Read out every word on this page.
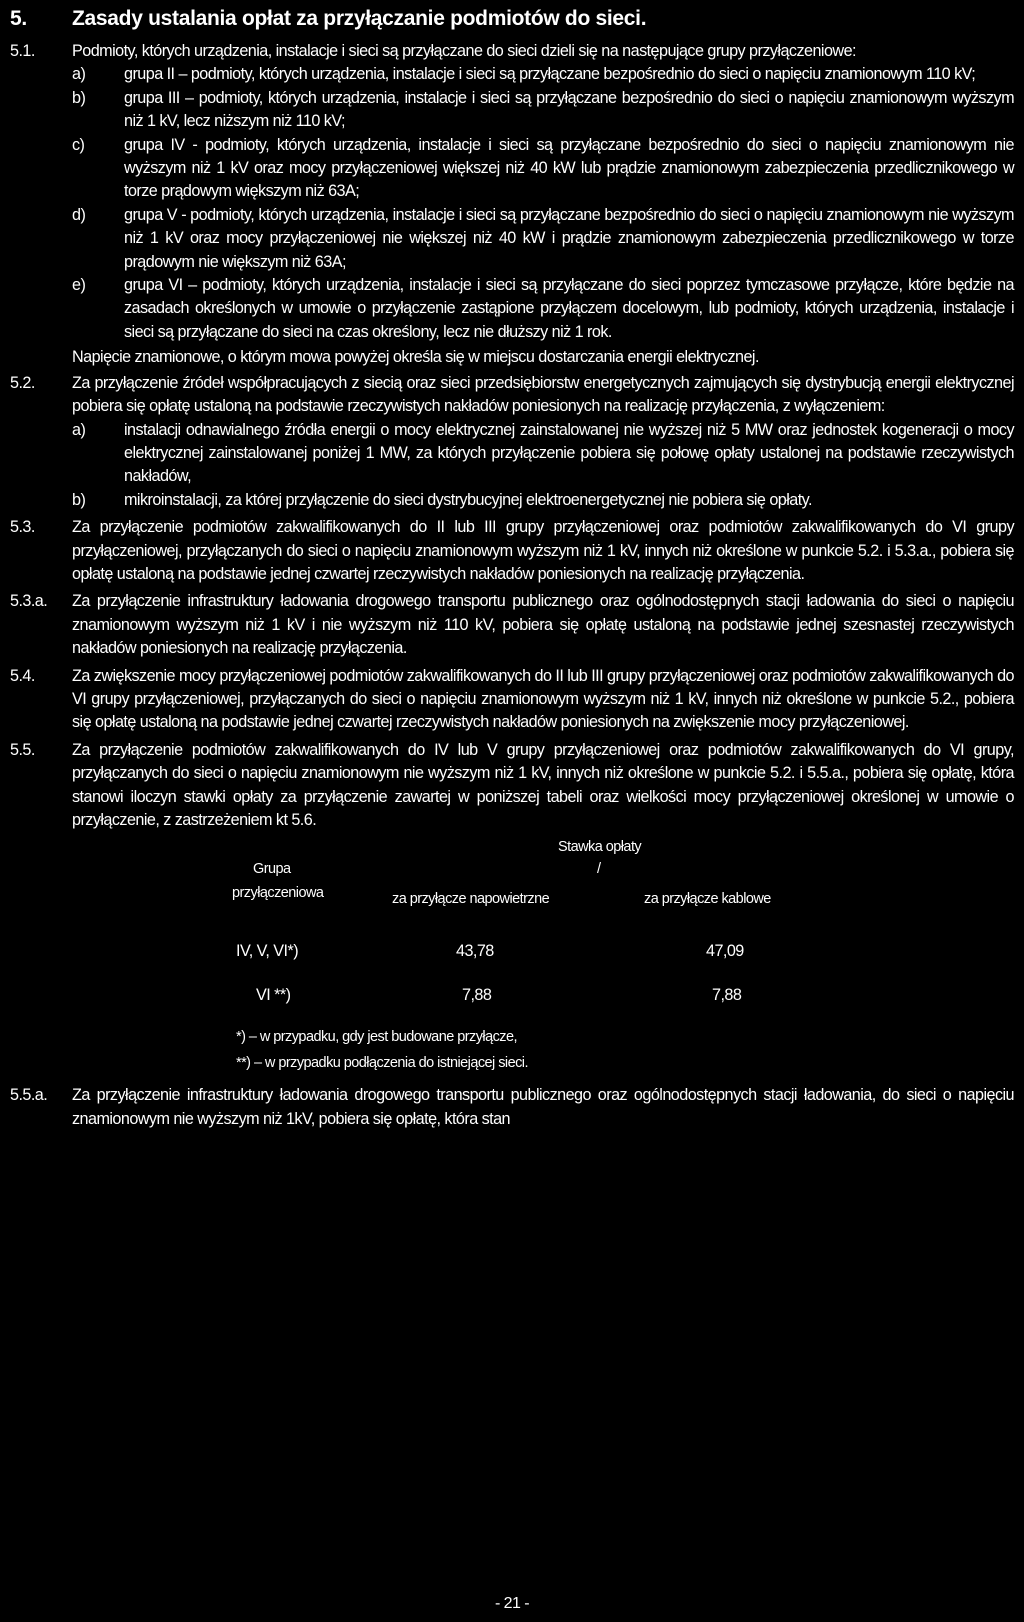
5.	Zasady ustalania opłat za przyłączanie podmiotów do sieci.
5.1.	Podmioty, których urządzenia, instalacje i sieci są przyłączane do sieci dzieli się na następujące grupy przyłączeniowe:

a)	grupa II – podmioty, których urządzenia, instalacje i sieci są przyłączane bezpośrednio do sieci o napięciu znamionowym 110 kV;
b)	grupa III – podmioty, których urządzenia, instalacje i sieci są przyłączane bezpośrednio do sieci o napięciu znamionowym wyższym niż 1 kV, lecz niższym niż 110 kV;
c)	grupa IV - podmioty, których urządzenia, instalacje i sieci są przyłączane bezpośrednio do sieci o napięciu znamionowym nie wyższym niż 1 kV oraz mocy przyłączeniowej większej niż 40 kW lub prądzie znamionowym zabezpieczenia przedlicznikowego w torze prądowym większym niż 63A;
d)	grupa V - podmioty, których urządzenia, instalacje i sieci są przyłączane bezpośrednio do sieci o napięciu znamionowym nie wyższym niż 1 kV oraz mocy przyłączeniowej nie większej niż 40 kW i prądzie znamionowym zabezpieczenia przedlicznikowego w torze prądowym nie większym niż 63A;
e)	grupa VI – podmioty, których urządzenia, instalacje i sieci są przyłączane do sieci poprzez tymczasowe przyłącze, które będzie na zasadach określonych w umowie o przyłączenie zastąpione przyłączem docelowym, lub podmioty, których urządzenia, instalacje i sieci są przyłączane do sieci na czas określony, lecz nie dłuższy niż 1 rok.

Napięcie znamionowe, o którym mowa powyżej określa się w miejscu dostarczania energii elektrycznej.

5.2.	Za przyłączenie źródeł współpracujących z siecią oraz sieci przedsiębiorstw energetycznych zajmujących się dystrybucją energii elektrycznej pobiera się opłatę ustaloną na podstawie rzeczywistych nakładów poniesionych na realizację przyłączenia, z wyłączeniem:

a)	instalacji odnawialnego źródła energii o mocy elektrycznej zainstalowanej nie wyższej niż 5 MW oraz jednostek kogeneracji o mocy elektrycznej zainstalowanej poniżej 1 MW, za których przyłączenie pobiera się połowę opłaty ustalonej na podstawie rzeczywistych nakładów,
b)	mikroinstalacji, za której przyłączenie do sieci dystrybucyjnej elektroenergetycznej nie pobiera się opłaty.
5.3.	Za przyłączenie podmiotów zakwalifikowanych do II lub III grupy przyłączeniowej oraz podmiotów zakwalifikowanych do VI grupy przyłączeniowej, przyłączanych do sieci o napięciu znamionowym wyższym niż 1 kV, innych niż określone w punkcie 5.2. i 5.3.a., pobiera się opłatę ustaloną na podstawie jednej czwartej rzeczywistych nakładów poniesionych na realizację przyłączenia.

5.3.a.	Za przyłączenie infrastruktury ładowania drogowego transportu publicznego oraz ogólnodostępnych stacji ładowania do sieci o napięciu znamionowym wyższym niż 1 kV i nie wyższym niż 110 kV, pobiera się opłatę ustaloną na podstawie jednej szesnastej rzeczywistych nakładów poniesionych na realizację przyłączenia.

5.4.	Za zwiększenie mocy przyłączeniowej podmiotów zakwalifikowanych do II lub III grupy przyłączeniowej oraz podmiotów zakwalifikowanych do VI grupy przyłączeniowej, przyłączanych do sieci o napięciu znamionowym wyższym niż 1 kV, innych niż określone w punkcie 5.2., pobiera się opłatę ustaloną na podstawie jednej czwartej rzeczywistych nakładów poniesionych na zwiększenie mocy przyłączeniowej.

5.5.	Za przyłączenie podmiotów zakwalifikowanych do IV lub V grupy przyłączeniowej oraz podmiotów zakwalifikowanych do VI grupy, przyłączanych do sieci o napięciu znamionowym nie wyższym niż 1 kV, innych niż określone w punkcie 5.2. i 5.5.a., pobiera się opłatę, która stanowi iloczyn stawki opłaty za przyłączenie zawartej w poniższej tabeli oraz wielkości mocy przyłączeniowej określonej w umowie o przyłączenie, z zastrzeżeniem kt 5.6.

Stawka opłaty
Grupa	/
przyłączeniowa	za przyłącze napowietrzne	za przyłącze kablowe
IV, V, VI*)	43,78	47,09
VI **)	7,88	7,88
*) – w przypadku, gdy jest budowane przyłącze,
**) – w przypadku podłączenia do istniejącej sieci.
5.5.a.	Za przyłączenie infrastruktury ładowania drogowego transportu publicznego oraz ogólnodostępnych stacji ładowania, do sieci o napięciu znamionowym nie wyższym niż 1kV, pobiera się opłatę, która stan

- 21 -
